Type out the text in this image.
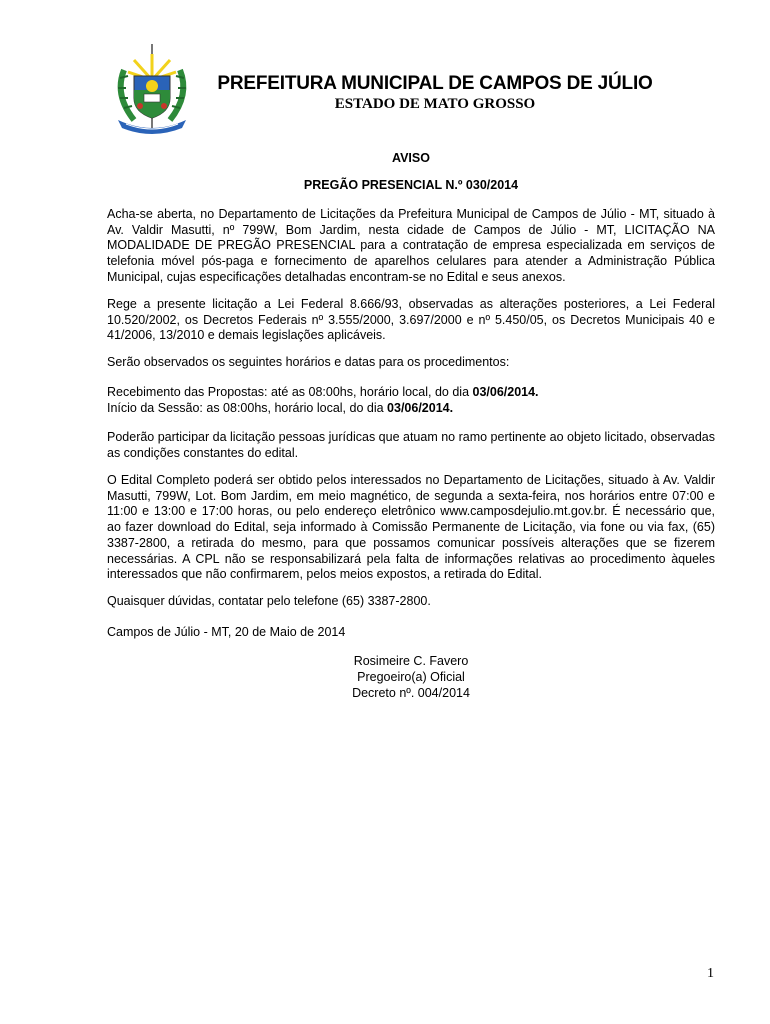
PREFEITURA MUNICIPAL DE CAMPOS DE JÚLIO
ESTADO DE MATO GROSSO
AVISO
PREGÃO PRESENCIAL N.º 030/2014
Acha-se aberta, no Departamento de Licitações da Prefeitura Municipal de Campos de Júlio - MT, situado à Av. Valdir Masutti, nº 799W, Bom Jardim, nesta cidade de Campos de Júlio - MT, LICITAÇÃO NA MODALIDADE DE PREGÃO PRESENCIAL para a contratação de empresa especializada em serviços de telefonia móvel pós-paga e fornecimento de aparelhos celulares para atender a Administração Pública Municipal, cujas especificações detalhadas encontram-se no Edital e seus anexos.
Rege a presente licitação a Lei Federal 8.666/93, observadas as alterações posteriores, a Lei Federal 10.520/2002, os Decretos Federais nº 3.555/2000, 3.697/2000 e nº 5.450/05, os Decretos Municipais 40 e 41/2006, 13/2010 e demais legislações aplicáveis.
Serão observados os seguintes horários e datas para os procedimentos:
Recebimento das Propostas: até as 08:00hs, horário local, do dia 03/06/2014.
Início da Sessão: as 08:00hs, horário local, do dia 03/06/2014.
Poderão participar da licitação pessoas jurídicas que atuam no ramo pertinente ao objeto licitado, observadas as condições constantes do edital.
O Edital Completo poderá ser obtido pelos interessados no Departamento de Licitações, situado à Av. Valdir Masutti, 799W, Lot. Bom Jardim, em meio magnético, de segunda a sexta-feira, nos horários entre 07:00 e 11:00 e 13:00 e 17:00 horas, ou pelo endereço eletrônico www.camposdejulio.mt.gov.br. É necessário que, ao fazer download do Edital, seja informado à Comissão Permanente de Licitação, via fone ou via fax, (65) 3387-2800, a retirada do mesmo, para que possamos comunicar possíveis alterações que se fizerem necessárias. A CPL não se responsabilizará pela falta de informações relativas ao procedimento àqueles interessados que não confirmarem, pelos meios expostos, a retirada do Edital.
Quaisquer dúvidas, contatar pelo telefone (65) 3387-2800.
Campos de Júlio - MT, 20 de Maio de 2014
Rosimeire C. Favero
Pregoeiro(a) Oficial
Decreto nº. 004/2014
1
